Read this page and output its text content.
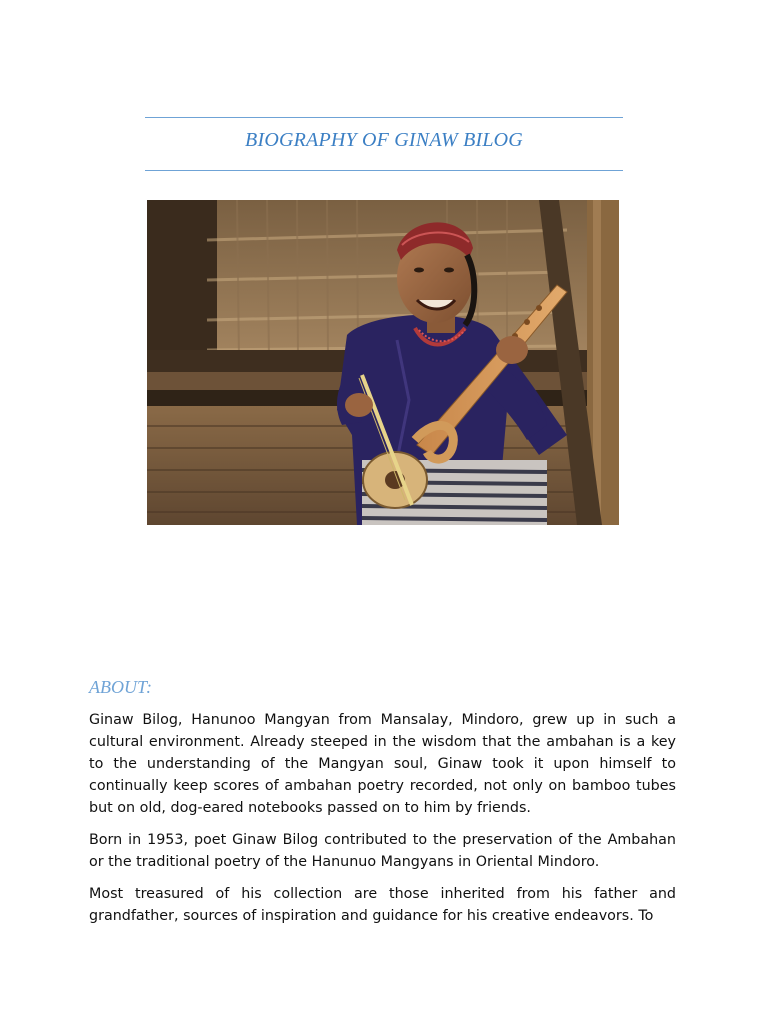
BIOGRAPHY OF GINAW BILOG
ABOUT:

Ginaw Bilog, Hanunoo Mangyan from Mansalay, Mindoro, grew up in such a cultural environment. Already steeped in the wisdom that the ambahan is a key to the understanding of the Mangyan soul, Ginaw took it upon himself to continually keep scores of ambahan poetry recorded, not only on bamboo tubes but on old, dog-eared notebooks passed on to him by friends.

Born in 1953, poet Ginaw Bilog contributed to the preservation of the Ambahan or the traditional poetry of the Hanunuo Mangyans in Oriental Mindoro.

Most treasured of his collection are those inherited from his father and grandfather, sources of inspiration and guidance for his creative endeavors. To
